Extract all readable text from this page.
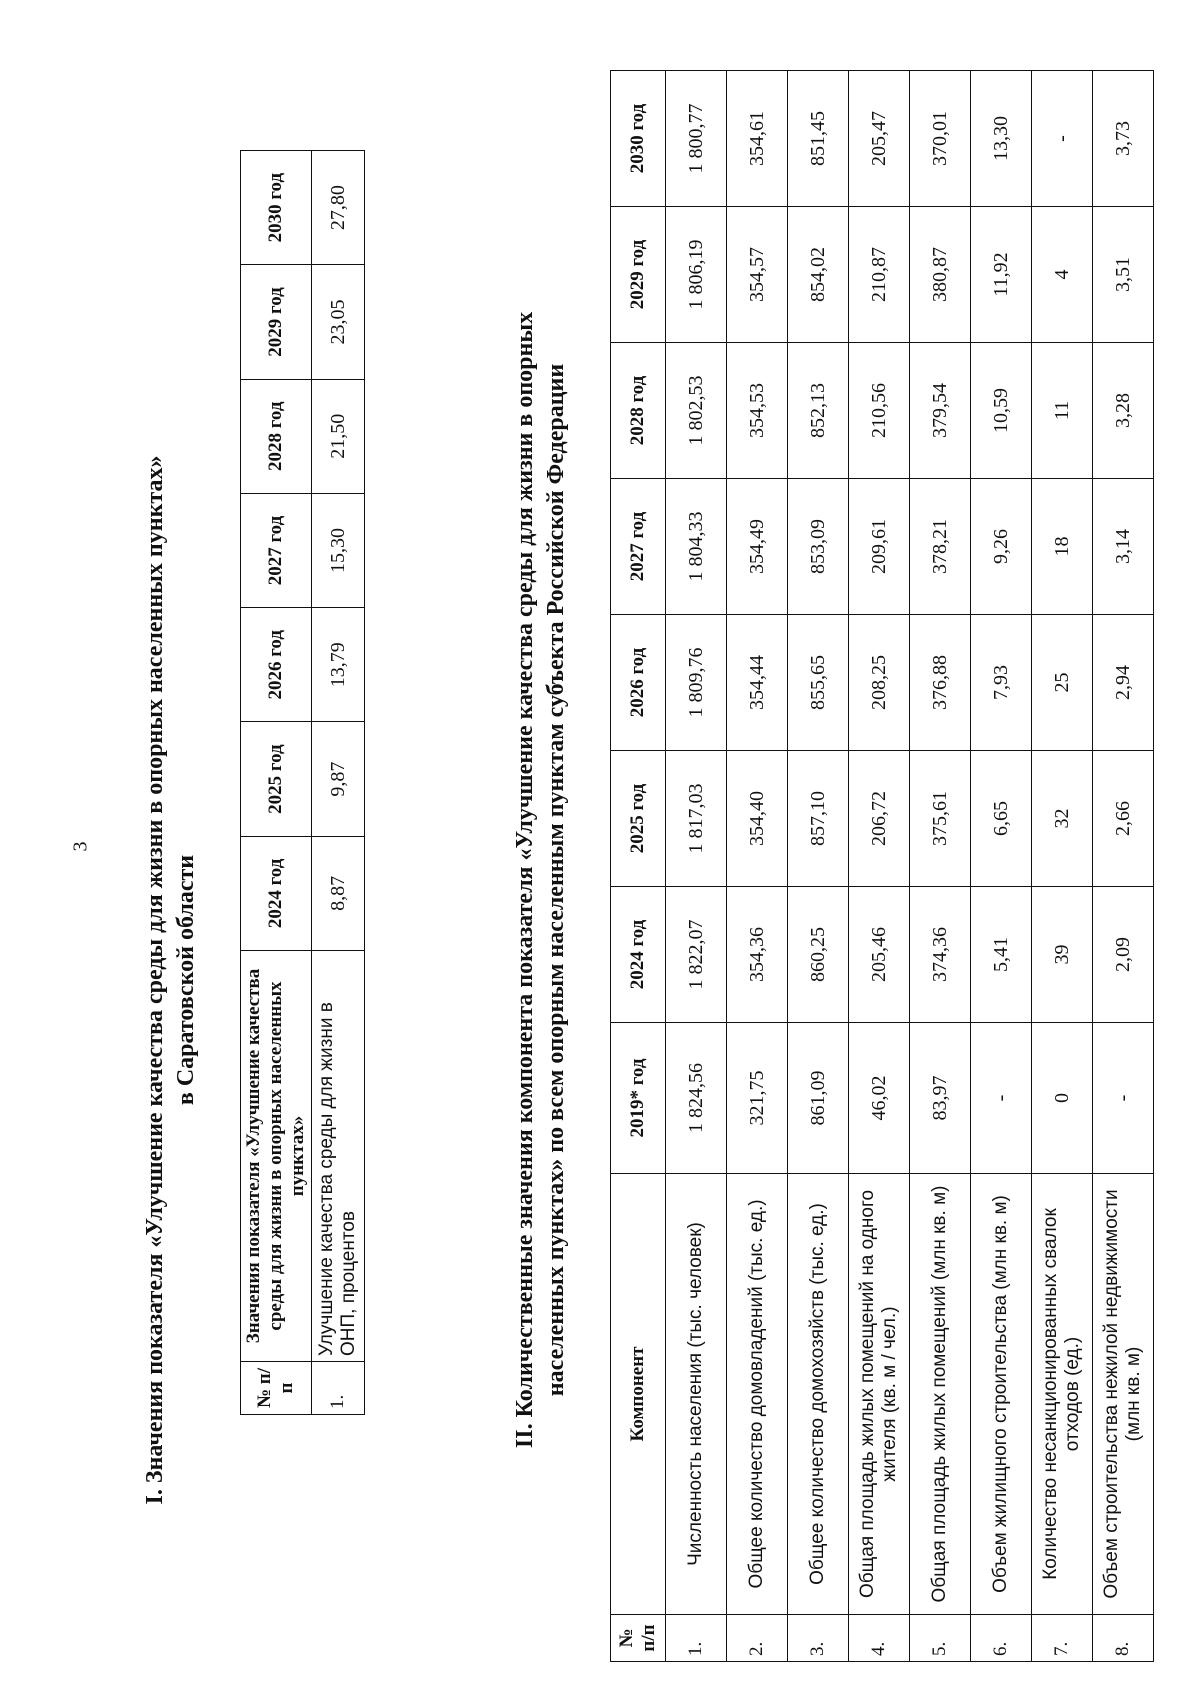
3 I. Значения показателя «Улучшение качества среды для жизни в опорных населенных пунктах» в Саратовской области
№ п/п	Значения показателя «Улучшение качества среды для жизни в опорных населенных пунктах»	2024 год	2025 год	2026 год	2027 год	2028 год	2029 год	2030 год
1.	Улучшение качества среды для жизни в ОНП, процентов	8,87	9,87	13,79	15,30	21,50	23,05	27,80
II. Количественные значения компонента показателя «Улучшение качества среды для жизни в опорных населенных пунктах» по всем опорным населенным пунктам субъекта Российской Федерации
№ п/п	Компонент	2019* год	2024 год	2025 год	2026 год	2027 год	2028 год	2029 год	2030 год
1.	Численность населения (тыс. человек)	1 824,56	1 822,07	1 817,03	1 809,76	1 804,33	1 802,53	1 806,19	1 800,77
2.	Общее количество домовладений (тыс. ед.)	321,75	354,36	354,40	354,44	354,49	354,53	354,57	354,61
3.	Общее количество домохозяйств (тыс. ед.)	861,09	860,25	857,10	855,65	853,09	852,13	854,02	851,45
4.	Общая площадь жилых помещений на одного жителя (кв. м / чел.)	46,02	205,46	206,72	208,25	209,61	210,56	210,87	205,47
5.	Общая площадь жилых помещений (млн кв. м)	83,97	374,36	375,61	376,88	378,21	379,54	380,87	370,01
6.	Объем жилищного строительства (млн кв. м)	-	5,41	6,65	7,93	9,26	10,59	11,92	13,30
7.	Количество несанкционированных свалок отходов (ед.)	0	39	32	25	18	11	4	-
8.	Объем строительства нежилой недвижимости (млн кв. м)	-	2,09	2,66	2,94	3,14	3,28	3,51	3,73
